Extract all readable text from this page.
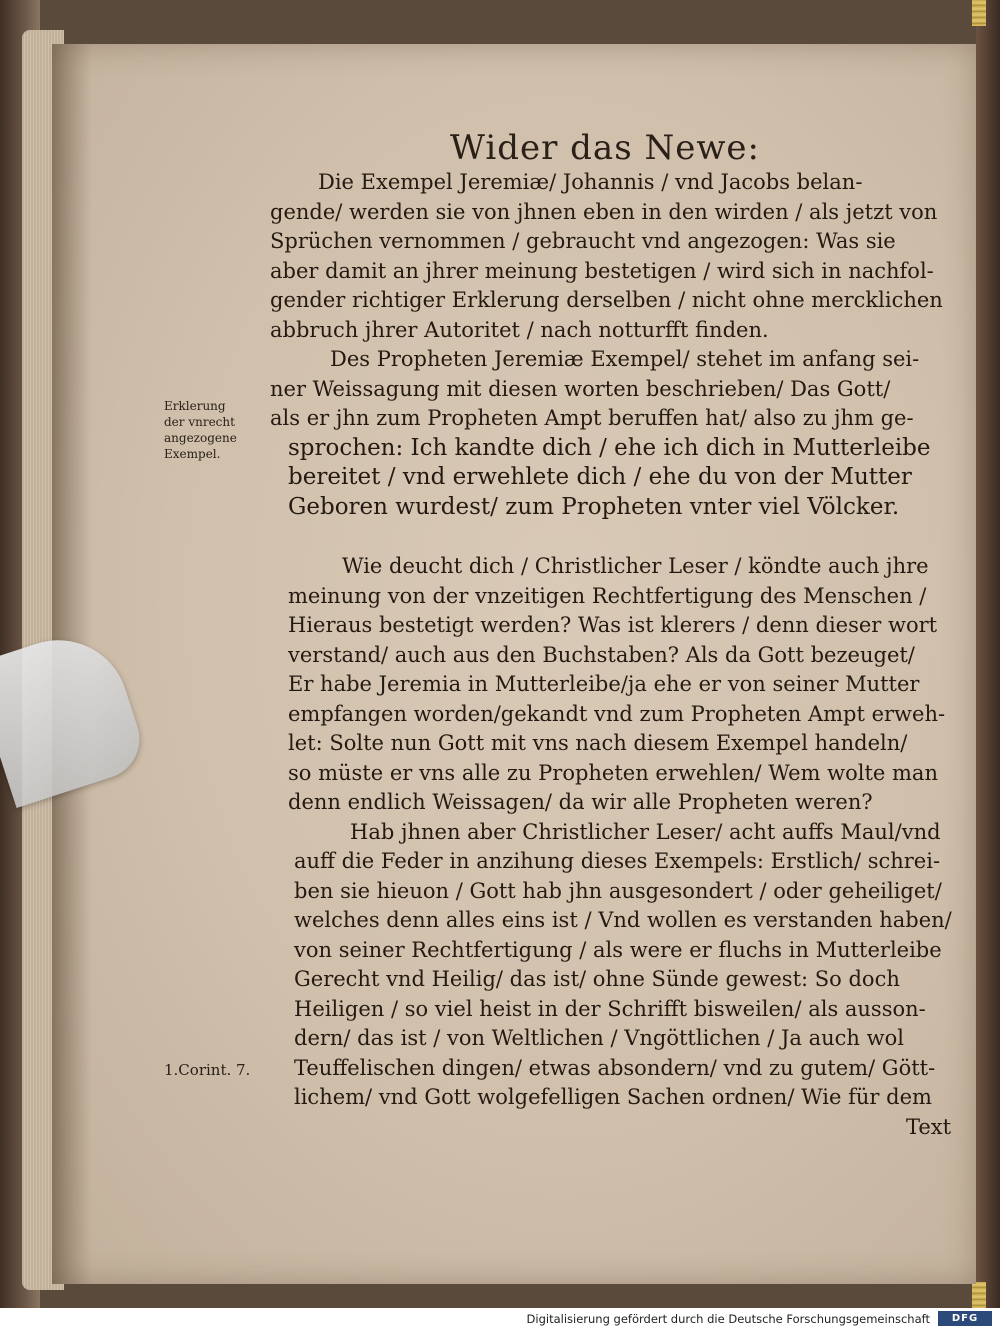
Wider das Newe:
Erklerung
der vnrecht
angezogene
Exempel.
1.Corint. 7.
Die Exempel Jeremiæ/ Johannis / vnd Jacobs belan-
gende/ werden sie von jhnen eben in den wirden / als jetzt von
Sprüchen vernommen / gebraucht vnd angezogen: Was sie
aber damit an jhrer meinung bestetigen / wird sich in nachfol-
gender richtiger Erklerung derselben / nicht ohne mercklichen
abbruch jhrer Autoritet / nach notturfft finden.
Des Propheten Jeremiæ Exempel/ stehet im anfang sei-
ner Weissagung mit diesen worten beschrieben/ Das Gott/
als er jhn zum Propheten Ampt beruffen hat/ also zu jhm ge-
sprochen: Ich kandte dich / ehe ich dich in Mutterleibe
bereitet / vnd erwehlete dich / ehe du von der Mutter
Geboren wurdest/ zum Propheten vnter viel Völcker.
Wie deucht dich / Christlicher Leser / köndte auch jhre
meinung von der vnzeitigen Rechtfertigung des Menschen /
Hieraus bestetigt werden? Was ist klerers / denn dieser wort
verstand/ auch aus den Buchstaben? Als da Gott bezeuget/
Er habe Jeremia in Mutterleibe/ja ehe er von seiner Mutter
empfangen worden/gekandt vnd zum Propheten Ampt erweh-
let: Solte nun Gott mit vns nach diesem Exempel handeln/
so müste er vns alle zu Propheten erwehlen/ Wem wolte man
denn endlich Weissagen/ da wir alle Propheten weren?
Hab jhnen aber Christlicher Leser/ acht auffs Maul/vnd
auff die Feder in anzihung dieses Exempels: Erstlich/ schrei-
ben sie hieuon / Gott hab jhn ausgesondert / oder geheiliget/
welches denn alles eins ist / Vnd wollen es verstanden haben/
von seiner Rechtfertigung / als were er fluchs in Mutterleibe
Gerecht vnd Heilig/ das ist/ ohne Sünde gewest: So doch
Heiligen / so viel heist in der Schrifft bisweilen/ als ausson-
dern/ das ist / von Weltlichen / Vngöttlichen / Ja auch wol
Teuffelischen dingen/ etwas absondern/ vnd zu gutem/ Gött-
lichem/ vnd Gott wolgefelligen Sachen ordnen/ Wie für dem
Text
Digitalisierung gefördert durch die Deutsche Forschungsgemeinschaft	DFG
